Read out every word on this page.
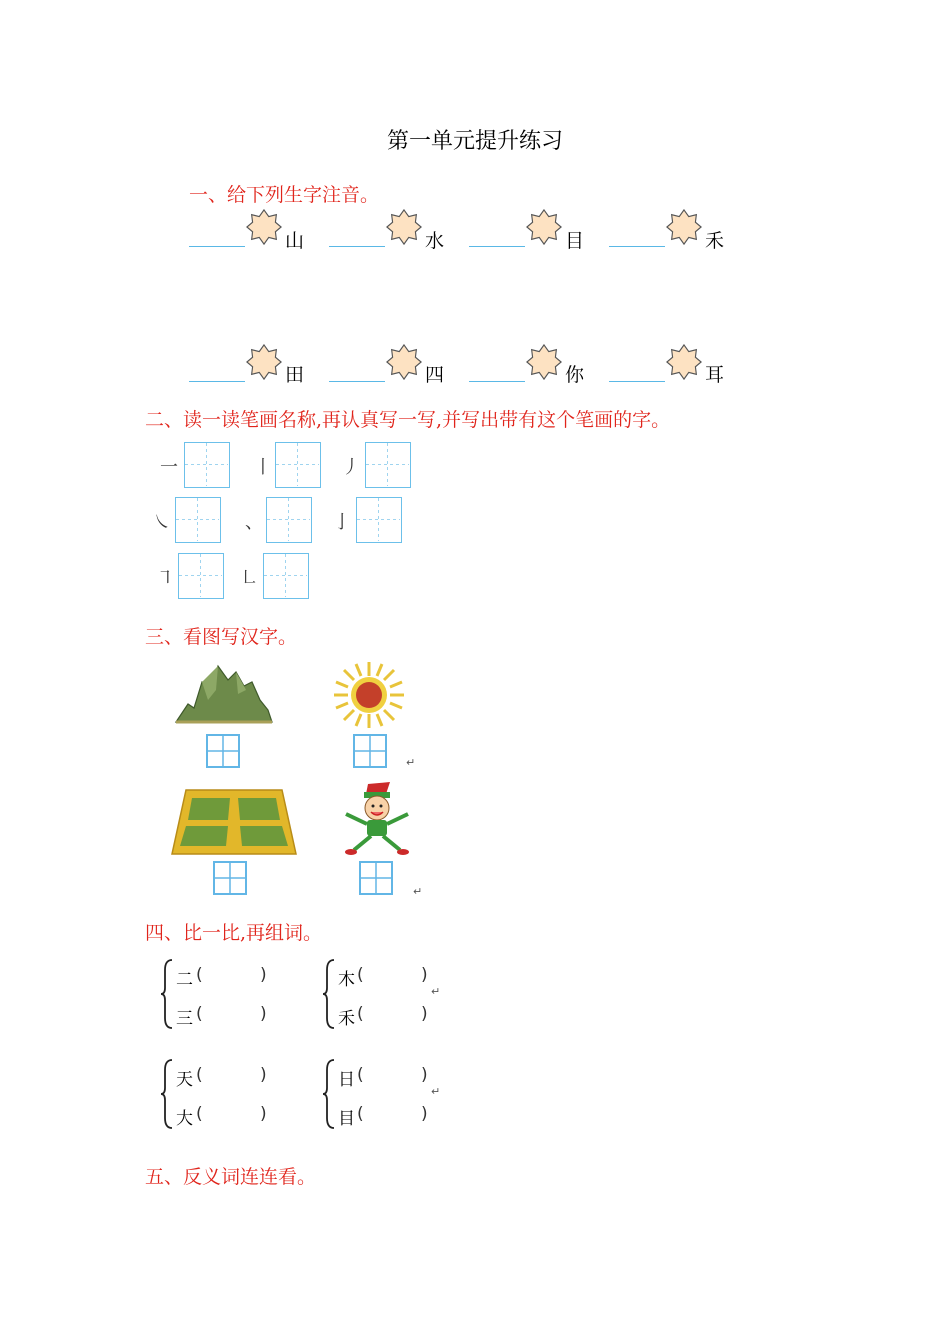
第一单元提升练习
一、给下列生字注音。
山	水	目	禾
田	四	你	耳
二、读一读笔画名称,再认真写一写,并写出带有这个笔画的字。
一	丨	丿
㇏	、	亅
㇕	㇗
三、看图写汉字。
↵
↵
四、比一比,再组词。
二 (	)
三 (	)
木 (	)
↵
禾 (	)
天 (	)
大 (	)
日 (	)
↵
目 (	)
五、反义词连连看。
